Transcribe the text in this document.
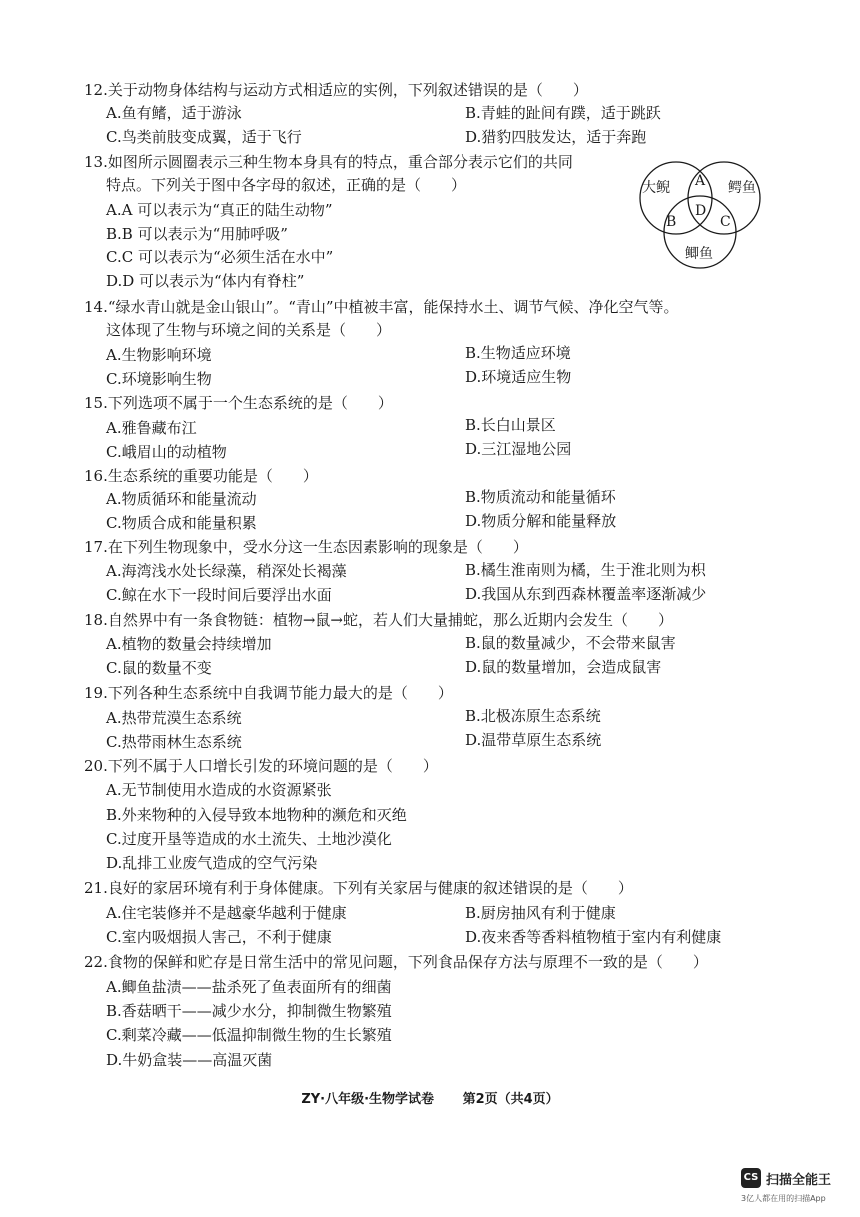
12.关于动物身体结构与运动方式相适应的实例，下列叙述错误的是（　　）
A.鱼有鳍，适于游泳	B.青蛙的趾间有蹼，适于跳跃
C.鸟类前肢变成翼，适于飞行	D.猎豹四肢发达，适于奔跑
13.如图所示圆圈表示三种生物本身具有的特点，重合部分表示它们的共同
特点。下列关于图中各字母的叙述，正确的是（　　）
A.A 可以表示为“真正的陆生动物”
B.B 可以表示为“用肺呼吸”
C.C 可以表示为“必须生活在水中”
D.D 可以表示为“体内有脊柱”
大鲵	鳄鱼
鲫鱼
A
B	C
D
14.“绿水青山就是金山银山”。“青山”中植被丰富，能保持水土、调节气候、净化空气等。
这体现了生物与环境之间的关系是（　　）
A.生物影响环境	B.生物适应环境
C.环境影响生物	D.环境适应生物
15.下列选项不属于一个生态系统的是（　　）
A.雅鲁藏布江	B.长白山景区
C.峨眉山的动植物	D.三江湿地公园
16.生态系统的重要功能是（　　）
A.物质循环和能量流动	B.物质流动和能量循环
C.物质合成和能量积累	D.物质分解和能量释放
17.在下列生物现象中，受水分这一生态因素影响的现象是（　　）
A.海湾浅水处长绿藻，稍深处长褐藻	B.橘生淮南则为橘，生于淮北则为枳
C.鲸在水下一段时间后要浮出水面	D.我国从东到西森林覆盖率逐渐减少
18.自然界中有一条食物链：植物→鼠→蛇，若人们大量捕蛇，那么近期内会发生（　　）
A.植物的数量会持续增加	B.鼠的数量减少，不会带来鼠害
C.鼠的数量不变	D.鼠的数量增加，会造成鼠害
19.下列各种生态系统中自我调节能力最大的是（　　）
A.热带荒漠生态系统	B.北极冻原生态系统
C.热带雨林生态系统	D.温带草原生态系统
20.下列不属于人口增长引发的环境问题的是（　　）
A.无节制使用水造成的水资源紧张
B.外来物种的入侵导致本地物种的濒危和灭绝
C.过度开垦等造成的水土流失、土地沙漠化
D.乱排工业废气造成的空气污染
21.良好的家居环境有利于身体健康。下列有关家居与健康的叙述错误的是（　　）
A.住宅装修并不是越豪华越利于健康	B.厨房抽风有利于健康
C.室内吸烟损人害己，不利于健康	D.夜来香等香料植物植于室内有利健康
22.食物的保鲜和贮存是日常生活中的常见问题，下列食品保存方法与原理不一致的是（　　）
A.鲫鱼盐渍——盐杀死了鱼表面所有的细菌
B.香菇晒干——减少水分，抑制微生物繁殖
C.剩菜冷藏——低温抑制微生物的生长繁殖
D.牛奶盒装——高温灭菌
ZY·八年级·生物学试卷 第2页（共4页）
CS 扫描全能王
3亿人都在用的扫描App
